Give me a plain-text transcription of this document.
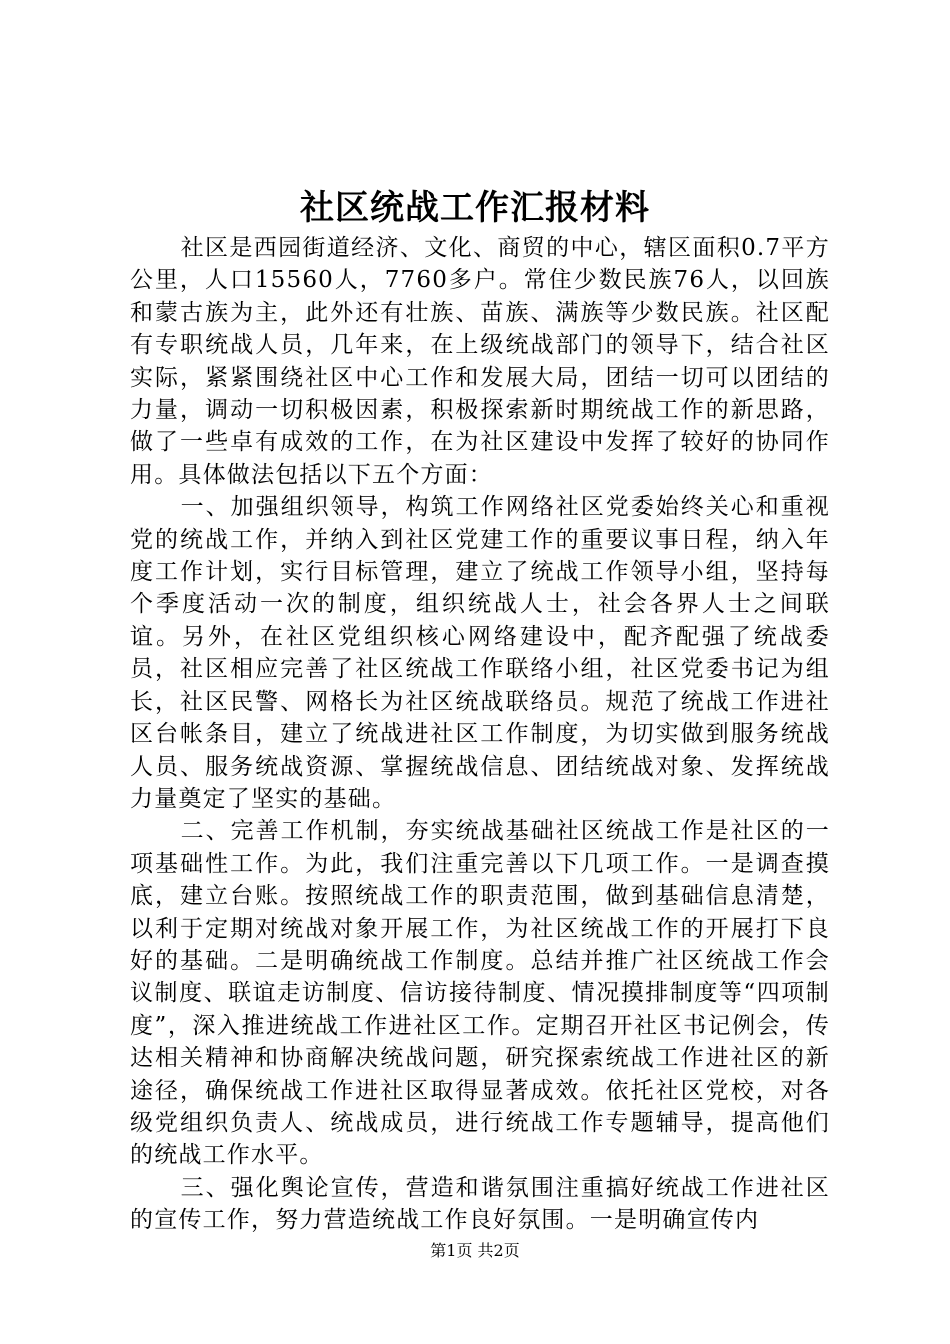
社区统战工作汇报材料

社区是西园街道经济、文化、商贸的中心，辖区面积0.7平方公里，人口15560人，7760多户。常住少数民族76人，以回族和蒙古族为主，此外还有壮族、苗族、满族等少数民族。社区配有专职统战人员，几年来，在上级统战部门的领导下，结合社区实际，紧紧围绕社区中心工作和发展大局，团结一切可以团结的力量，调动一切积极因素，积极探索新时期统战工作的新思路，做了一些卓有成效的工作，在为社区建设中发挥了较好的协同作用。具体做法包括以下五个方面：

一、加强组织领导，构筑工作网络社区党委始终关心和重视党的统战工作，并纳入到社区党建工作的重要议事日程，纳入年度工作计划，实行目标管理，建立了统战工作领导小组，坚持每个季度活动一次的制度，组织统战人士，社会各界人士之间联谊。另外，在社区党组织核心网络建设中，配齐配强了统战委员，社区相应完善了社区统战工作联络小组，社区党委书记为组长，社区民警、网格长为社区统战联络员。规范了统战工作进社区台帐条目，建立了统战进社区工作制度，为切实做到服务统战人员、服务统战资源、掌握统战信息、团结统战对象、发挥统战力量奠定了坚实的基础。

二、完善工作机制，夯实统战基础社区统战工作是社区的一项基础性工作。为此，我们注重完善以下几项工作。一是调查摸底，建立台账。按照统战工作的职责范围，做到基础信息清楚，以利于定期对统战对象开展工作，为社区统战工作的开展打下良好的基础。二是明确统战工作制度。总结并推广社区统战工作会议制度、联谊走访制度、信访接待制度、情况摸排制度等“四项制度”，深入推进统战工作进社区工作。定期召开社区书记例会，传达相关精神和协商解决统战问题，研究探索统战工作进社区的新途径，确保统战工作进社区取得显著成效。依托社区党校，对各级党组织负责人、统战成员，进行统战工作专题辅导，提高他们的统战工作水平。

三、强化舆论宣传，营造和谐氛围注重搞好统战工作进社区的宣传工作，努力营造统战工作良好氛围。一是明确宣传内

第1页 共2页
